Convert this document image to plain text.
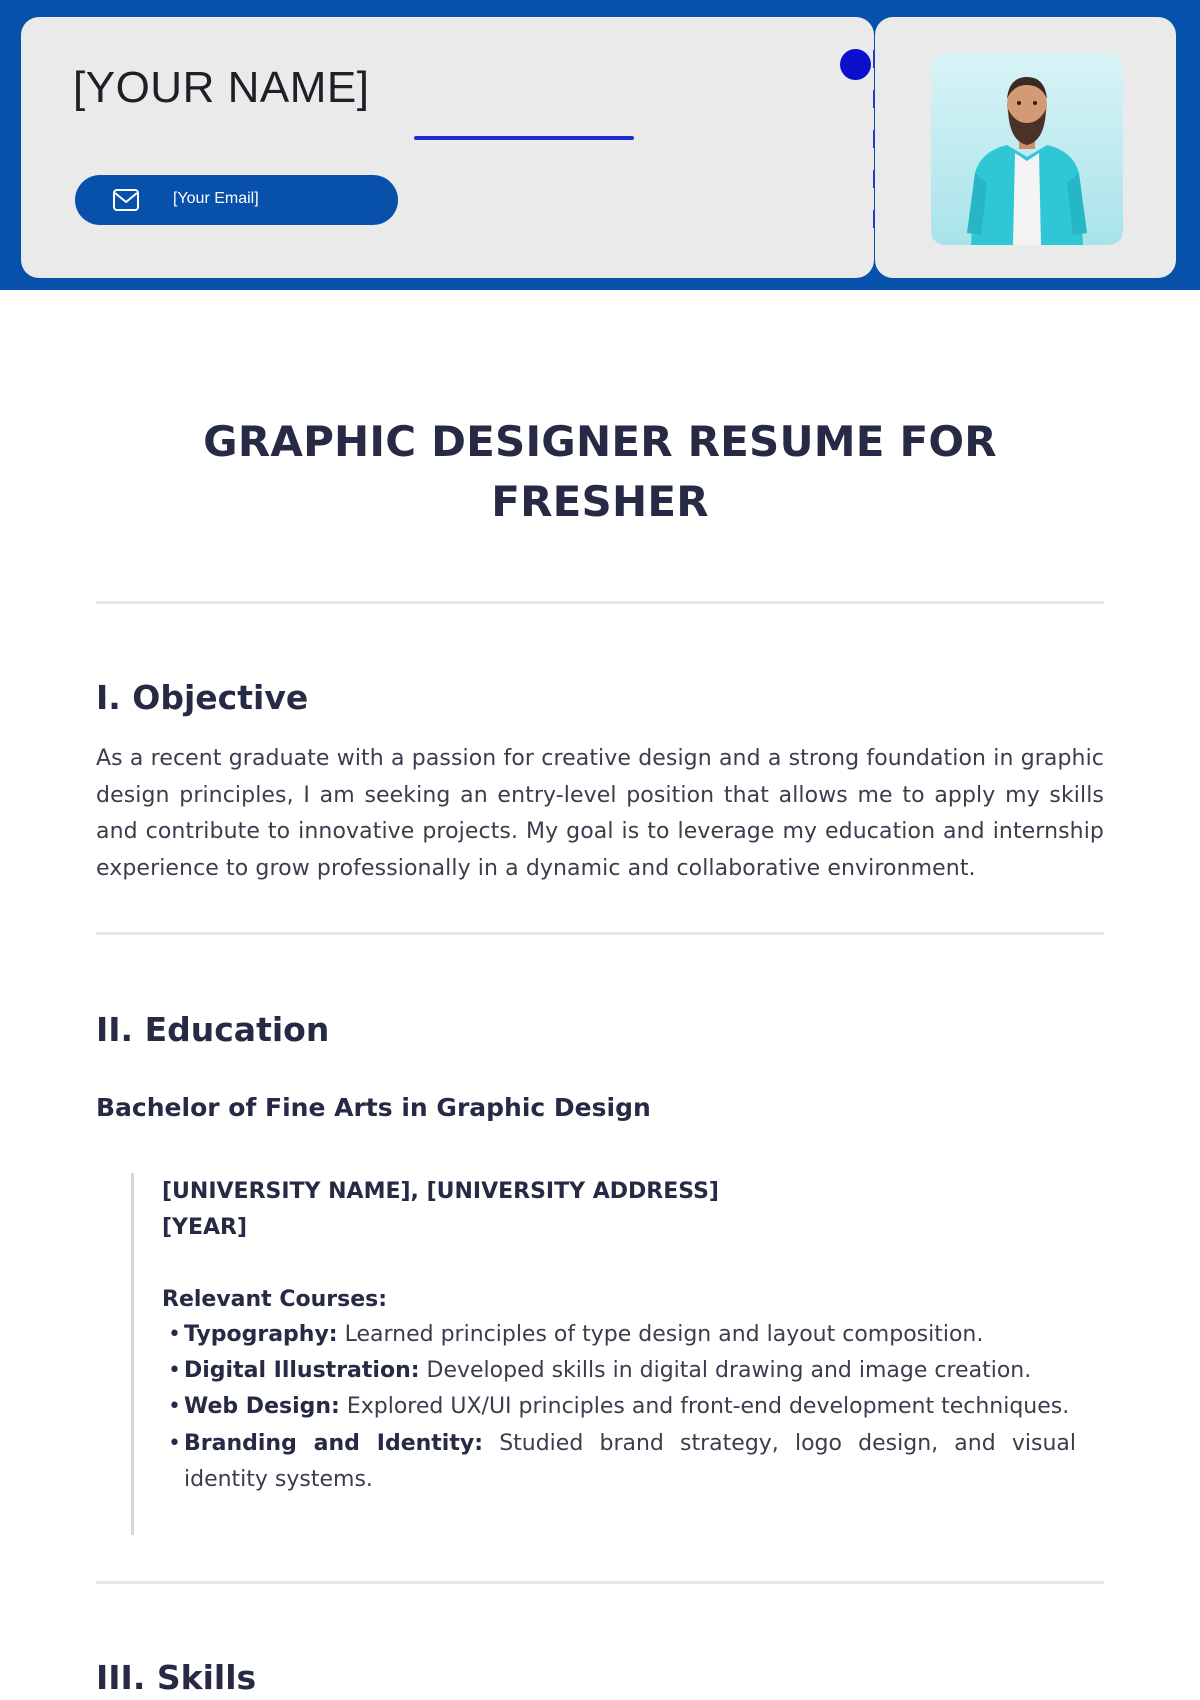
[YOUR NAME]
[Your Email]
GRAPHIC DESIGNER RESUME FOR FRESHER
I. Objective

As a recent graduate with a passion for creative design and a strong foundation in graphic design principles, I am seeking an entry-level position that allows me to apply my skills and contribute to innovative projects. My goal is to leverage my education and internship experience to grow professionally in a dynamic and collaborative environment.

II. Education
Bachelor of Fine Arts in Graphic Design
[UNIVERSITY NAME], [UNIVERSITY ADDRESS]
[YEAR]
Relevant Courses:
• Typography: Learned principles of type design and layout composition.
• Digital Illustration: Developed skills in digital drawing and image creation.
• Web Design: Explored UX/UI principles and front-end development techniques.
• Branding and Identity: Studied brand strategy, logo design, and visual identity systems.
III. Skills
